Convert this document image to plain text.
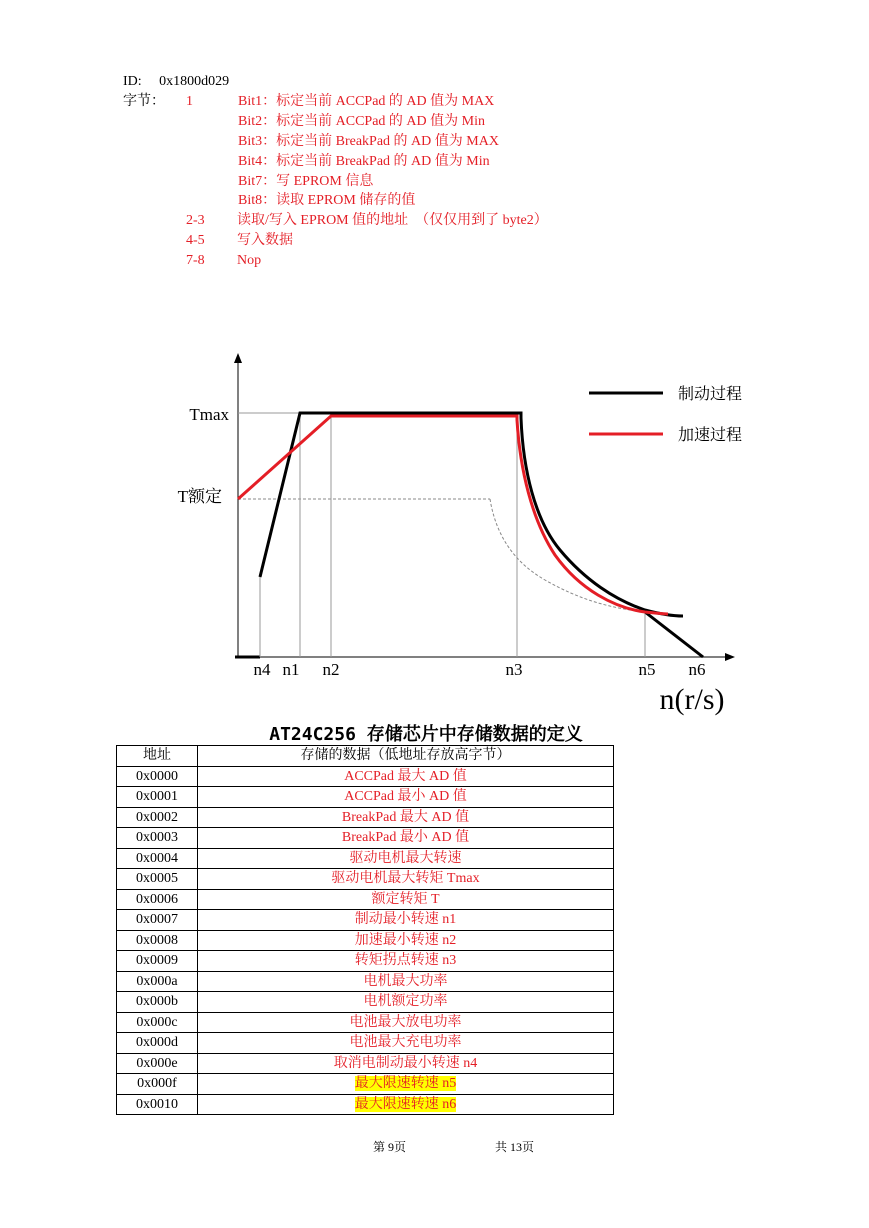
ID: 0x1800d029
字节： 1	Bit1：标定当前 ACCPad 的 AD 值为 MAX
Bit2：标定当前 ACCPad 的 AD 值为 Min
Bit3：标定当前 BreakPad 的 AD 值为 MAX
Bit4：标定当前 BreakPad 的 AD 值为 Min
Bit7：写 EPROM 信息
Bit8：读取 EPROM 储存的值
2-3 读取/写入 EPROM 值的地址　（仅仅用到了 byte2）
4-5 写入数据
7-8 Nop
Tmax
T额定
n4 n1 n2	n3	n5 n6
n(r/s)
制动过程
加速过程
AT24C256 存储芯片中存储数据的定义
地址	存储的数据（低地址存放高字节）
0x0000	ACCPad 最大 AD 值
0x0001	ACCPad 最小 AD 值
0x0002	BreakPad 最大 AD 值
0x0003	BreakPad 最小 AD 值
0x0004	驱动电机最大转速
0x0005	驱动电机最大转矩 Tmax
0x0006	额定转矩 T
0x0007	制动最小转速 n1
0x0008	加速最小转速 n2
0x0009	转矩拐点转速 n3
0x000a	电机最大功率
0x000b	电机额定功率
0x000c	电池最大放电功率
0x000d	电池最大充电功率
0x000e	取消电制动最小转速 n4
0x000f	最大限速转速 n5
0x0010	最大限速转速 n6
第 9页	共 13页
